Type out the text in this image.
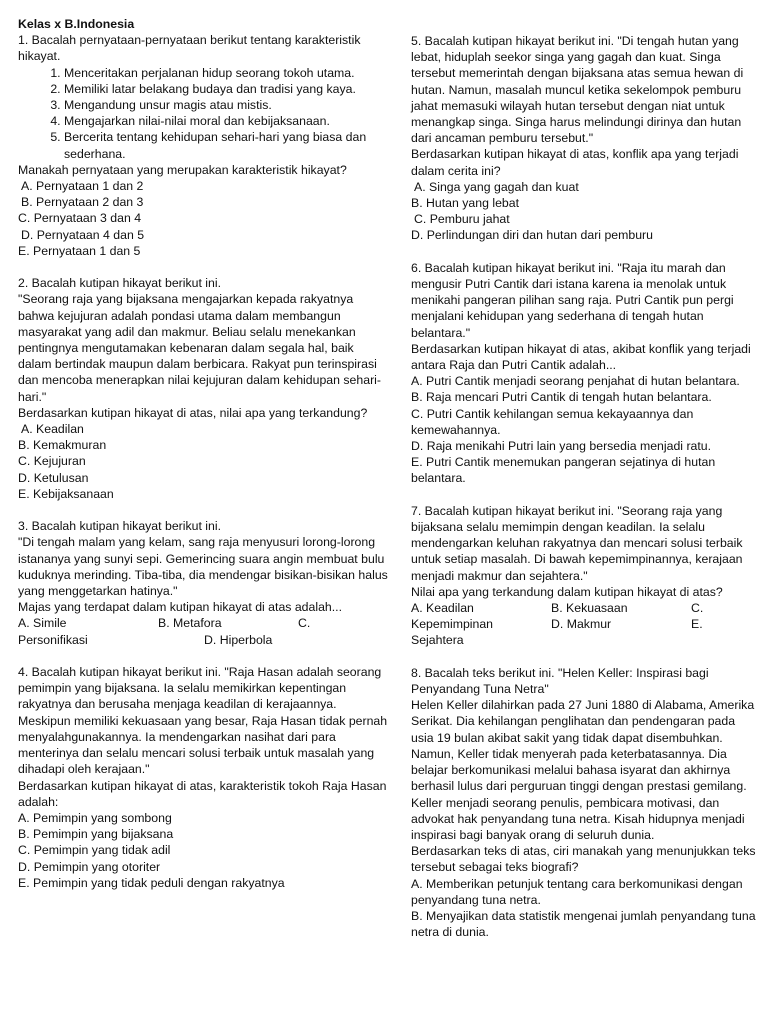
Kelas x B.Indonesia

1. Bacalah pernyataan-pernyataan berikut tentang karakteristik hikayat.

1. Menceritakan perjalanan hidup seorang tokoh utama.
2. Memiliki latar belakang budaya dan tradisi yang kaya.
3. Mengandung unsur magis atau mistis.
4. Mengajarkan nilai-nilai moral dan kebijaksanaan.
5. Bercerita tentang kehidupan sehari-hari yang biasa dan sederhana.

Manakah pernyataan yang merupakan karakteristik hikayat?

A. Pernyataan 1 dan 2

B. Pernyataan 2 dan 3

C. Pernyataan 3 dan 4

D. Pernyataan 4 dan 5

E. Pernyataan 1 dan 5

2. Bacalah kutipan hikayat berikut ini.

"Seorang raja yang bijaksana mengajarkan kepada rakyatnya bahwa kejujuran adalah pondasi utama dalam membangun masyarakat yang adil dan makmur. Beliau selalu menekankan pentingnya mengutamakan kebenaran dalam segala hal, baik dalam bertindak maupun dalam berbicara. Rakyat pun terinspirasi dan mencoba menerapkan nilai kejujuran dalam kehidupan sehari-hari."

Berdasarkan kutipan hikayat di atas, nilai apa yang terkandung?

A. Keadilan

B. Kemakmuran

C. Kejujuran

D. Ketulusan

E. Kebijaksanaan

3. Bacalah kutipan hikayat berikut ini.

"Di tengah malam yang kelam, sang raja menyusuri lorong-lorong istananya yang sunyi sepi. Gemerincing suara angin membuat bulu kuduknya merinding. Tiba-tiba, dia mendengar bisikan-bisikan halus yang menggetarkan hatinya."

Majas yang terdapat dalam kutipan hikayat di atas adalah...

A. Simile	B. Metafora	C.
Personifikasi	D. Hiperbola

4. Bacalah kutipan hikayat berikut ini. "Raja Hasan adalah seorang pemimpin yang bijaksana. Ia selalu memikirkan kepentingan rakyatnya dan berusaha menjaga keadilan di kerajaannya. Meskipun memiliki kekuasaan yang besar, Raja Hasan tidak pernah menyalahgunakannya. Ia mendengarkan nasihat dari para menterinya dan selalu mencari solusi terbaik untuk masalah yang dihadapi oleh kerajaan."

Berdasarkan kutipan hikayat di atas, karakteristik tokoh Raja Hasan adalah:

A. Pemimpin yang sombong

B. Pemimpin yang bijaksana

C. Pemimpin yang tidak adil

D. Pemimpin yang otoriter

E. Pemimpin yang tidak peduli dengan rakyatnya

5. Bacalah kutipan hikayat berikut ini. "Di tengah hutan yang lebat, hiduplah seekor singa yang gagah dan kuat. Singa tersebut memerintah dengan bijaksana atas semua hewan di hutan. Namun, masalah muncul ketika sekelompok pemburu jahat memasuki wilayah hutan tersebut dengan niat untuk menangkap singa. Singa harus melindungi dirinya dan hutan dari ancaman pemburu tersebut."

Berdasarkan kutipan hikayat di atas, konflik apa yang terjadi dalam cerita ini?

A. Singa yang gagah dan kuat

B. Hutan yang lebat

C. Pemburu jahat

D. Perlindungan diri dan hutan dari pemburu

6. Bacalah kutipan hikayat berikut ini. "Raja itu marah dan mengusir Putri Cantik dari istana karena ia menolak untuk menikahi pangeran pilihan sang raja. Putri Cantik pun pergi menjalani kehidupan yang sederhana di tengah hutan belantara."

Berdasarkan kutipan hikayat di atas, akibat konflik yang terjadi antara Raja dan Putri Cantik adalah...

A. Putri Cantik menjadi seorang penjahat di hutan belantara.

B. Raja mencari Putri Cantik di tengah hutan belantara.

C. Putri Cantik kehilangan semua kekayaannya dan kemewahannya.

D. Raja menikahi Putri lain yang bersedia menjadi ratu.

E. Putri Cantik menemukan pangeran sejatinya di hutan belantara.

7. Bacalah kutipan hikayat berikut ini. "Seorang raja yang bijaksana selalu memimpin dengan keadilan. Ia selalu mendengarkan keluhan rakyatnya dan mencari solusi terbaik untuk setiap masalah. Di bawah kepemimpinannya, kerajaan menjadi makmur dan sejahtera."

Nilai apa yang terkandung dalam kutipan hikayat di atas?

A. Keadilan	B. Kekuasaan	C.
Kepemimpinan	D. Makmur	E.

Sejahtera

8. Bacalah teks berikut ini. "Helen Keller: Inspirasi bagi Penyandang Tuna Netra"

Helen Keller dilahirkan pada 27 Juni 1880 di Alabama, Amerika Serikat. Dia kehilangan penglihatan dan pendengaran pada usia 19 bulan akibat sakit yang tidak dapat disembuhkan. Namun, Keller tidak menyerah pada keterbatasannya. Dia belajar berkomunikasi melalui bahasa isyarat dan akhirnya berhasil lulus dari perguruan tinggi dengan prestasi gemilang. Keller menjadi seorang penulis, pembicara motivasi, dan advokat hak penyandang tuna netra. Kisah hidupnya menjadi inspirasi bagi banyak orang di seluruh dunia.

Berdasarkan teks di atas, ciri manakah yang menunjukkan teks tersebut sebagai teks biografi?

A. Memberikan petunjuk tentang cara berkomunikasi dengan penyandang tuna netra.

B. Menyajikan data statistik mengenai jumlah penyandang tuna netra di dunia.
